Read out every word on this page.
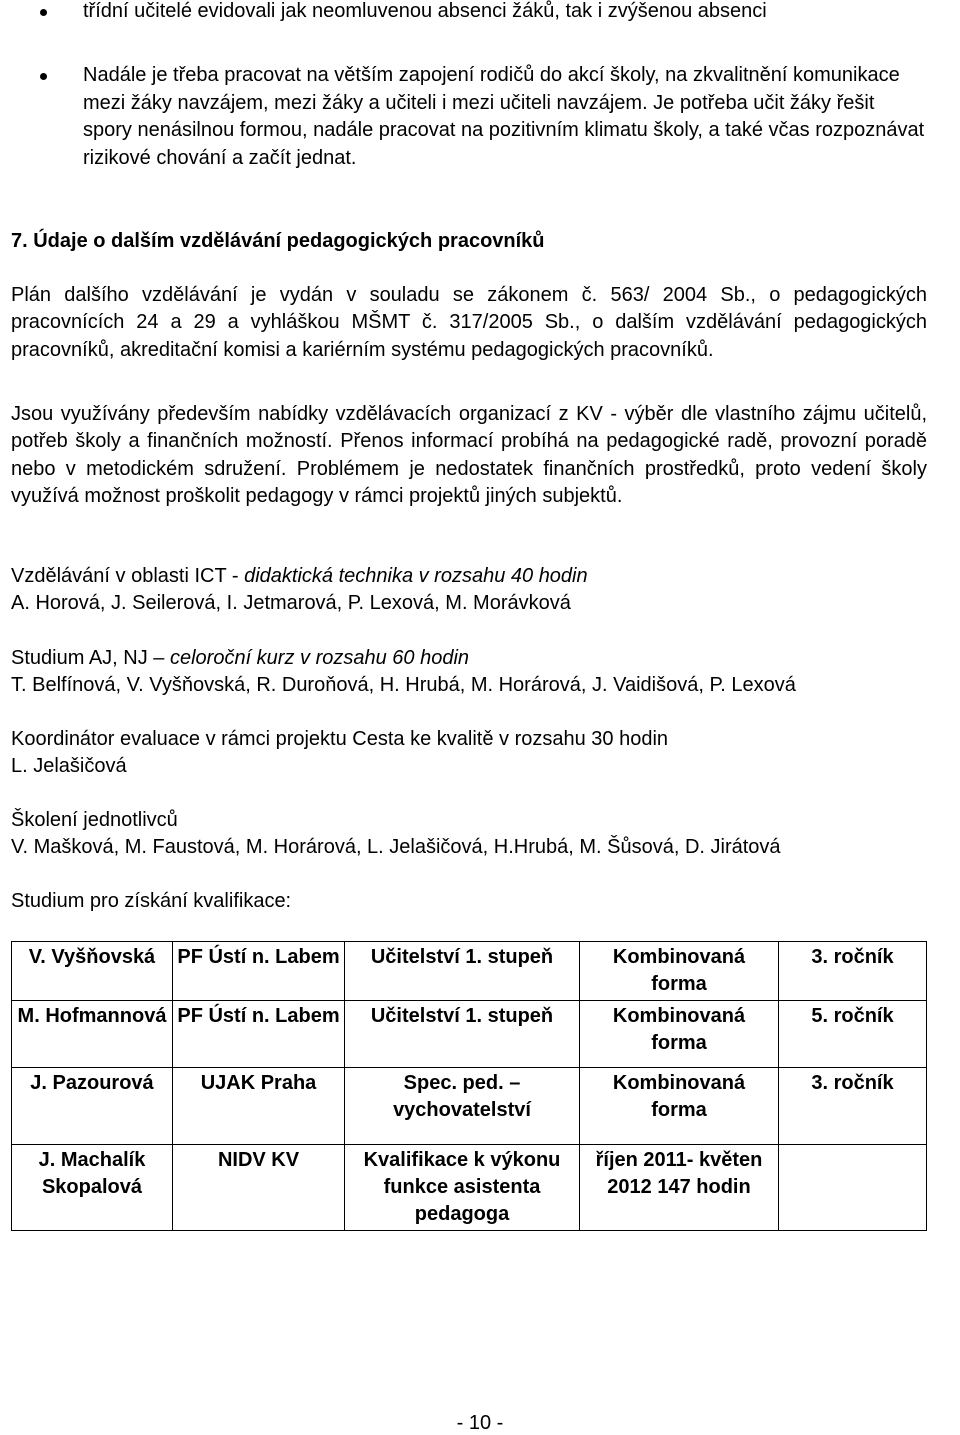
třídní učitelé evidovali jak neomluvenou absenci žáků, tak i zvýšenou absenci
Nadále je třeba pracovat na větším zapojení rodičů do akcí školy, na zkvalitnění komunikace mezi žáky navzájem, mezi žáky a učiteli i mezi učiteli navzájem. Je potřeba učit žáky řešit spory nenásilnou formou, nadále pracovat na pozitivním klimatu školy, a také včas rozpoznávat rizikové chování a začít jednat.
7. Údaje o dalším vzdělávání pedagogických pracovníků
Plán dalšího vzdělávání je vydán v souladu se zákonem č. 563/ 2004 Sb., o pedagogických pracovnících 24 a 29 a vyhláškou MŠMT č. 317/2005 Sb., o dalším vzdělávání pedagogických pracovníků, akreditační komisi a kariérním systému pedagogických pracovníků.
Jsou využívány především nabídky vzdělávacích organizací z KV - výběr dle vlastního zájmu učitelů, potřeb školy a finančních možností. Přenos informací probíhá na pedagogické radě, provozní poradě nebo v metodickém sdružení. Problémem je nedostatek finančních prostředků, proto vedení školy využívá možnost proškolit pedagogy v rámci projektů jiných subjektů.
Vzdělávání v oblasti ICT - didaktická technika v rozsahu 40 hodin
A. Horová, J. Seilerová, I. Jetmarová, P. Lexová, M. Morávková
Studium AJ, NJ – celoroční kurz v rozsahu 60 hodin
T. Belfínová, V. Vyšňovská, R. Duroňová, H. Hrubá, M. Horárová, J. Vaidišová, P. Lexová
Koordinátor evaluace v rámci projektu Cesta ke kvalitě v rozsahu 30 hodin
L. Jelašičová
Školení jednotlivců
V. Mašková, M. Faustová, M. Horárová, L. Jelašičová, H.Hrubá, M. Šůsová, D. Jirátová
Studium pro získání kvalifikace:
V. Vyšňovská	PF Ústí n. Labem	Učitelství 1. stupeň	Kombinovaná forma	3. ročník
M. Hofmannová	PF Ústí n. Labem	Učitelství 1. stupeň	Kombinovaná forma	5. ročník
J. Pazourová	UJAK Praha	Spec. ped. – vychovatelství	Kombinovaná forma	3. ročník
J. Machalík Skopalová	NIDV KV	Kvalifikace k výkonu funkce asistenta pedagoga	říjen 2011- květen 2012 147 hodin	
- 10 -
